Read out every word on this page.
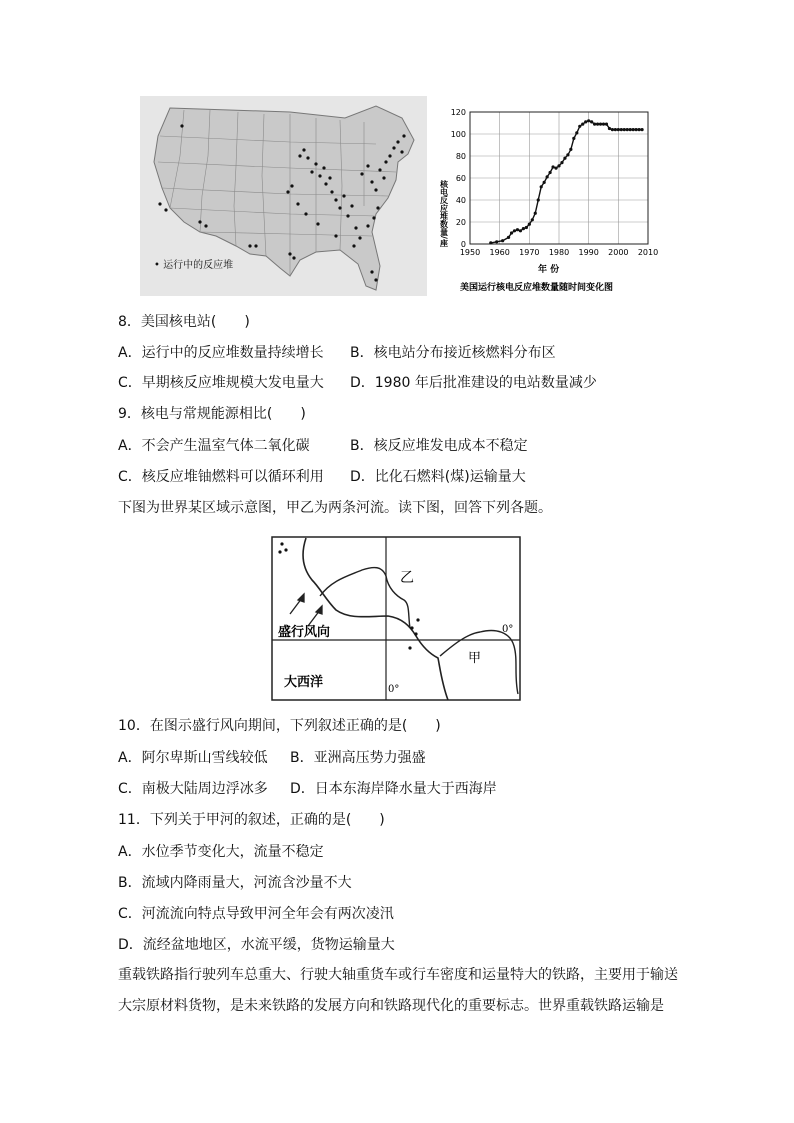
• 运行中的反应堆
核电反应堆数量/座
年 份
美国运行核电反应堆数量随时间变化图
0
20
40
60
80
100
120
1950 1960 1970 1980 1990 2000 2010
8．美国核电站(　　)
A．运行中的反应堆数量持续增长 B．核电站分布接近核燃料分布区
C．早期核反应堆规模大发电量大 D．1980 年后批准建设的电站数量减少
9．核电与常规能源相比(　　)
A．不会产生温室气体二氧化碳	B．核反应堆发电成本不稳定
C．核反应堆铀燃料可以循环利用 D．比化石燃料(煤)运输量大
下图为世界某区域示意图，甲乙为两条河流。读下图，回答下列各题。
乙
甲
盛行风向
大西洋
0°
0°
10．在图示盛行风向期间，下列叙述正确的是(　　)
A．阿尔卑斯山雪线较低 B．亚洲高压势力强盛
C．南极大陆周边浮冰多 D．日本东海岸降水量大于西海岸
11．下列关于甲河的叙述，正确的是(　　)
A．水位季节变化大，流量不稳定
B．流域内降雨量大，河流含沙量不大
C．河流流向特点导致甲河全年会有两次凌汛
D．流经盆地地区，水流平缓，货物运输量大
重载铁路指行驶列车总重大、行驶大轴重货车或行车密度和运量特大的铁路，主要用于输送大宗原材料货物，是未来铁路的发展方向和铁路现代化的重要标志。世界重载铁路运输是
